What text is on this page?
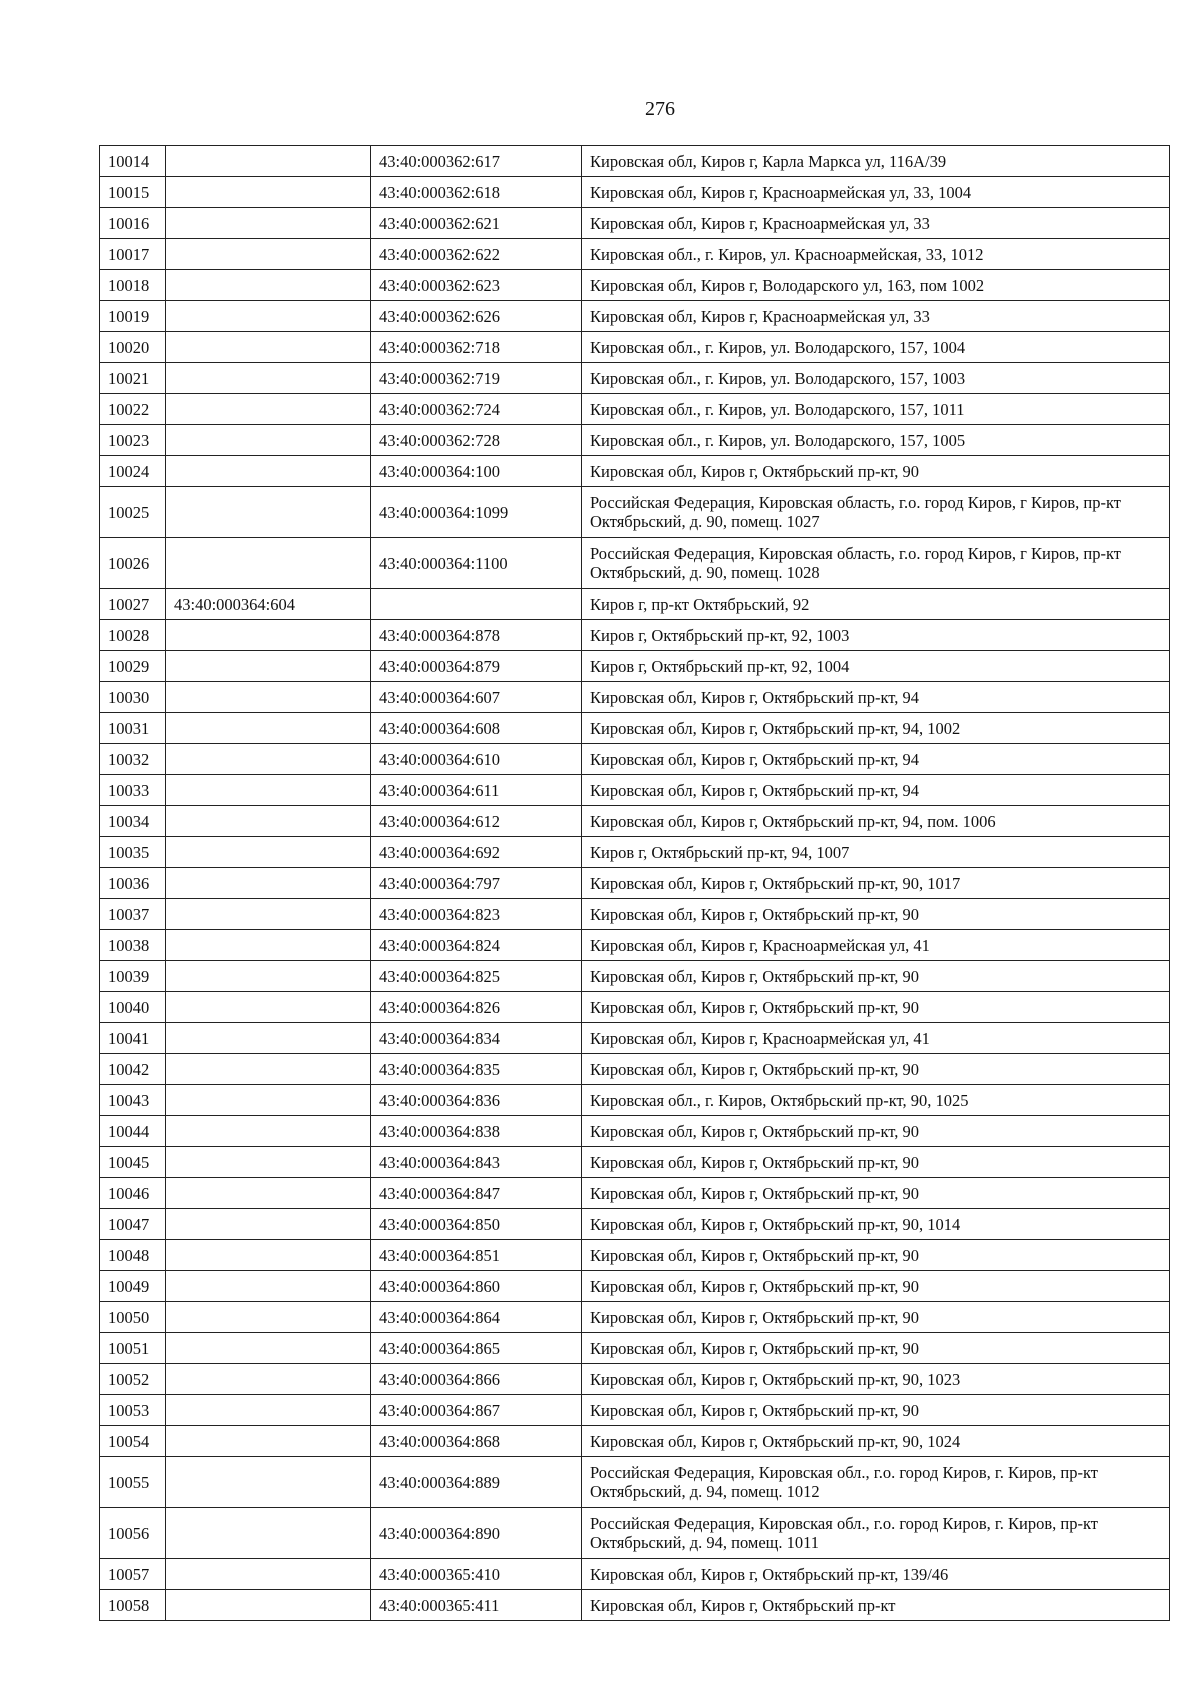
276
10014		43:40:000362:617	Кировская обл, Киров г, Карла Маркса ул, 116А/39
10015		43:40:000362:618	Кировская обл, Киров г, Красноармейская ул, 33, 1004
10016		43:40:000362:621	Кировская обл, Киров г, Красноармейская ул, 33
10017		43:40:000362:622	Кировская обл., г. Киров, ул. Красноармейская, 33, 1012
10018		43:40:000362:623	Кировская обл, Киров г, Володарского ул, 163, пом 1002
10019		43:40:000362:626	Кировская обл, Киров г, Красноармейская ул, 33
10020		43:40:000362:718	Кировская обл., г. Киров, ул. Володарского, 157, 1004
10021		43:40:000362:719	Кировская обл., г. Киров, ул. Володарского, 157, 1003
10022		43:40:000362:724	Кировская обл., г. Киров, ул. Володарского, 157, 1011
10023		43:40:000362:728	Кировская обл., г. Киров, ул. Володарского, 157, 1005
10024		43:40:000364:100	Кировская обл, Киров г, Октябрьский пр-кт, 90
10025		43:40:000364:1099	Российская Федерация, Кировская область, г.о. город Киров, г Киров, пр-кт Октябрьский, д. 90, помещ. 1027
10026		43:40:000364:1100	Российская Федерация, Кировская область, г.о. город Киров, г Киров, пр-кт Октябрьский, д. 90, помещ. 1028
10027	43:40:000364:604		Киров г, пр-кт Октябрьский, 92
10028		43:40:000364:878	Киров г, Октябрьский пр-кт, 92, 1003
10029		43:40:000364:879	Киров г, Октябрьский пр-кт, 92, 1004
10030		43:40:000364:607	Кировская обл, Киров г, Октябрьский пр-кт, 94
10031		43:40:000364:608	Кировская обл, Киров г, Октябрьский пр-кт, 94, 1002
10032		43:40:000364:610	Кировская обл, Киров г, Октябрьский пр-кт, 94
10033		43:40:000364:611	Кировская обл, Киров г, Октябрьский пр-кт, 94
10034		43:40:000364:612	Кировская обл, Киров г, Октябрьский пр-кт, 94, пом. 1006
10035		43:40:000364:692	Киров г, Октябрьский пр-кт, 94, 1007
10036		43:40:000364:797	Кировская обл, Киров г, Октябрьский пр-кт, 90, 1017
10037		43:40:000364:823	Кировская обл, Киров г, Октябрьский пр-кт, 90
10038		43:40:000364:824	Кировская обл, Киров г, Красноармейская ул, 41
10039		43:40:000364:825	Кировская обл, Киров г, Октябрьский пр-кт, 90
10040		43:40:000364:826	Кировская обл, Киров г, Октябрьский пр-кт, 90
10041		43:40:000364:834	Кировская обл, Киров г, Красноармейская ул, 41
10042		43:40:000364:835	Кировская обл, Киров г, Октябрьский пр-кт, 90
10043		43:40:000364:836	Кировская обл., г. Киров, Октябрьский пр-кт, 90, 1025
10044		43:40:000364:838	Кировская обл, Киров г, Октябрьский пр-кт, 90
10045		43:40:000364:843	Кировская обл, Киров г, Октябрьский пр-кт, 90
10046		43:40:000364:847	Кировская обл, Киров г, Октябрьский пр-кт, 90
10047		43:40:000364:850	Кировская обл, Киров г, Октябрьский пр-кт, 90, 1014
10048		43:40:000364:851	Кировская обл, Киров г, Октябрьский пр-кт, 90
10049		43:40:000364:860	Кировская обл, Киров г, Октябрьский пр-кт, 90
10050		43:40:000364:864	Кировская обл, Киров г, Октябрьский пр-кт, 90
10051		43:40:000364:865	Кировская обл, Киров г, Октябрьский пр-кт, 90
10052		43:40:000364:866	Кировская обл, Киров г, Октябрьский пр-кт, 90, 1023
10053		43:40:000364:867	Кировская обл, Киров г, Октябрьский пр-кт, 90
10054		43:40:000364:868	Кировская обл, Киров г, Октябрьский пр-кт, 90, 1024
10055		43:40:000364:889	Российская Федерация, Кировская обл., г.о. город Киров, г. Киров, пр-кт Октябрьский, д. 94, помещ. 1012
10056		43:40:000364:890	Российская Федерация, Кировская обл., г.о. город Киров, г. Киров, пр-кт Октябрьский, д. 94, помещ. 1011
10057		43:40:000365:410	Кировская обл, Киров г, Октябрьский пр-кт, 139/46
10058		43:40:000365:411	Кировская обл, Киров г, Октябрьский пр-кт
